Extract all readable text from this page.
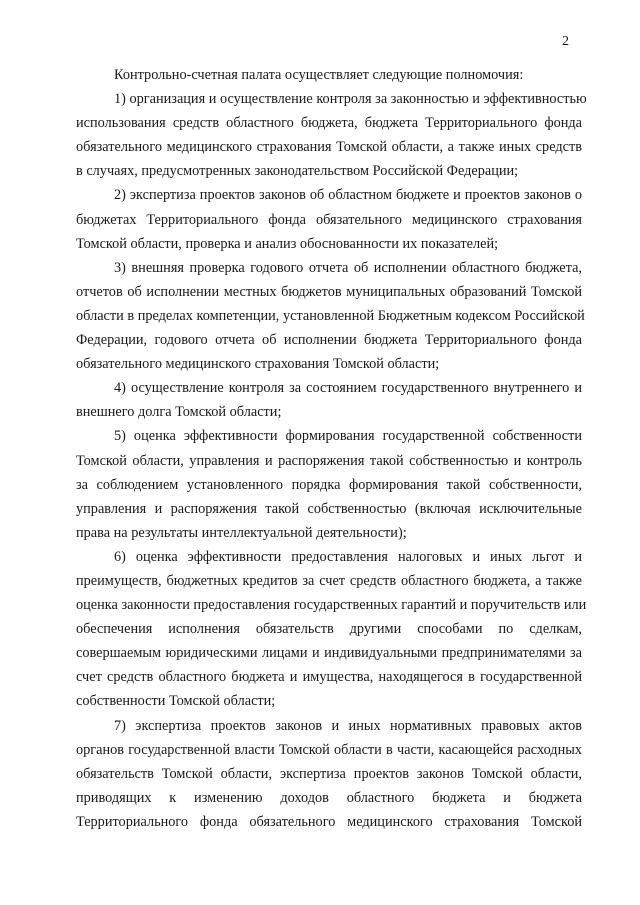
2

Контрольно-счетная палата осуществляет следующие полномочия:

1) организация и осуществление контроля за законностью и эффективностью
использования средств областного бюджета, бюджета Территориального фонда
обязательного медицинского страхования Томской области, а также иных средств
в случаях, предусмотренных законодательством Российской Федерации;

2) экспертиза проектов законов об областном бюджете и проектов законов о
бюджетах Территориального фонда обязательного медицинского страхования
Томской области, проверка и анализ обоснованности их показателей;

3) внешняя проверка годового отчета об исполнении областного бюджета,
отчетов об исполнении местных бюджетов муниципальных образований Томской
области в пределах компетенции, установленной Бюджетным кодексом Российской
Федерации, годового отчета об исполнении бюджета Территориального фонда
обязательного медицинского страхования Томской области;

4) осуществление контроля за состоянием государственного внутреннего и
внешнего долга Томской области;

5) оценка эффективности формирования государственной собственности
Томской области, управления и распоряжения такой собственностью и контроль
за соблюдением установленного порядка формирования такой собственности,
управления и распоряжения такой собственностью (включая исключительные
права на результаты интеллектуальной деятельности);

6) оценка эффективности предоставления налоговых и иных льгот и
преимуществ, бюджетных кредитов за счет средств областного бюджета, а также
оценка законности предоставления государственных гарантий и поручительств или
обеспечения исполнения обязательств другими способами по сделкам,
совершаемым юридическими лицами и индивидуальными предпринимателями за
счет средств областного бюджета и имущества, находящегося в государственной
собственности Томской области;

7) экспертиза проектов законов и иных нормативных правовых актов
органов государственной власти Томской области в части, касающейся расходных
обязательств Томской области, экспертиза проектов законов Томской области,
приводящих к изменению доходов областного бюджета и бюджета
Территориального фонда обязательного медицинского страхования Томской
